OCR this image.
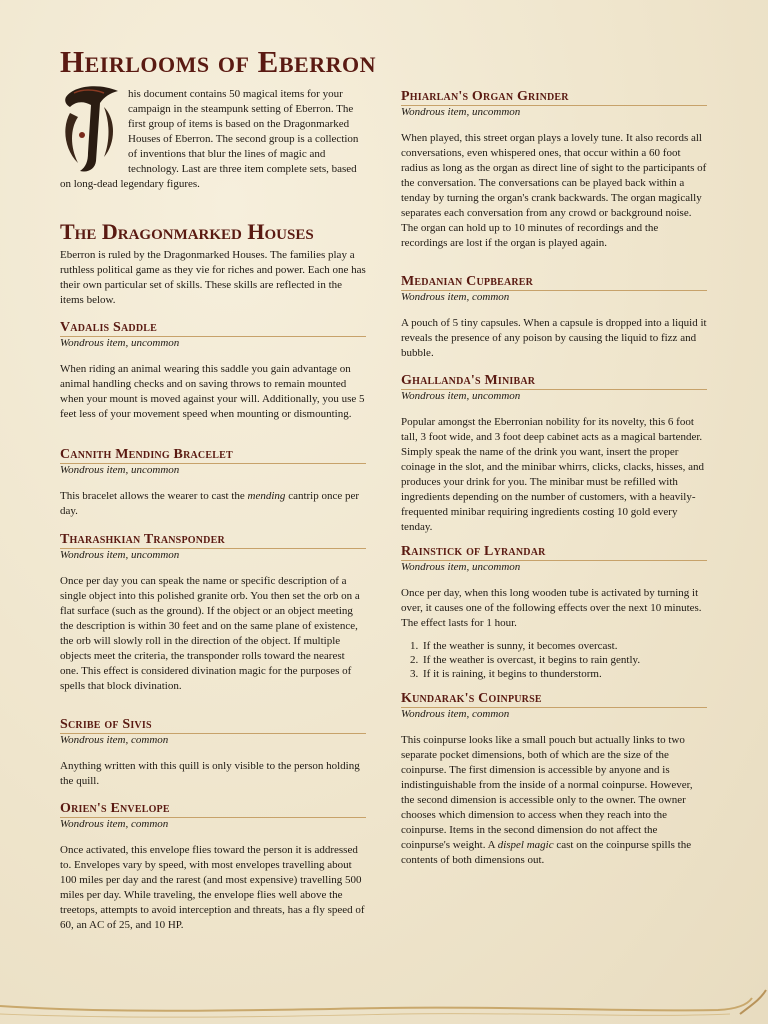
Heirlooms of Eberron

his document contains 50 magical items for your campaign in the steampunk setting of Eberron. The first group of items is based on the Dragonmarked Houses of Eberron. The second group is a collection of inventions that blur the lines of magic and technology. Last are three item complete sets, based on long-dead legendary figures.

The Dragonmarked Houses

Eberron is ruled by the Dragonmarked Houses. The families play a ruthless political game as they vie for riches and power. Each one has their own particular set of skills. These skills are reflected in the items below.

Vadalis Saddle

Wondrous item, uncommon

When riding an animal wearing this saddle you gain advantage on animal handling checks and on saving throws to remain mounted when your mount is moved against your will. Additionally, you use 5 feet less of your movement speed when mounting or dismounting.

Cannith Mending Bracelet

Wondrous item, uncommon

This bracelet allows the wearer to cast the mending cantrip once per day.

Tharashkian Transponder

Wondrous item, uncommon

Once per day you can speak the name or specific description of a single object into this polished granite orb. You then set the orb on a flat surface (such as the ground). If the object or an object meeting the description is within 30 feet and on the same plane of existence, the orb will slowly roll in the direction of the object. If multiple objects meet the criteria, the transponder rolls toward the nearest one. This effect is considered divination magic for the purposes of spells that block divination.

Scribe of Sivis

Wondrous item, common

Anything written with this quill is only visible to the person holding the quill.

Orien's Envelope

Wondrous item, common

Once activated, this envelope flies toward the person it is addressed to. Envelopes vary by speed, with most envelopes travelling about 100 miles per day and the rarest (and most expensive) travelling 500 miles per day. While traveling, the envelope flies well above the treetops, attempts to avoid interception and threats, has a fly speed of 60, an AC of 25, and 10 HP.

Phiarlan's Organ Grinder

Wondrous item, uncommon

When played, this street organ plays a lovely tune. It also records all conversations, even whispered ones, that occur within a 60 foot radius as long as the organ as direct line of sight to the participants of the conversation. The conversations can be played back within a tenday by turning the organ's crank backwards. The organ magically separates each conversation from any crowd or background noise. The organ can hold up to 10 minutes of recordings and the recordings are lost if the organ is played again.

Medanian Cupbearer

Wondrous item, common

A pouch of 5 tiny capsules. When a capsule is dropped into a liquid it reveals the presence of any poison by causing the liquid to fizz and bubble.

Ghallanda's Minibar

Wondrous item, uncommon

Popular amongst the Eberronian nobility for its novelty, this 6 foot tall, 3 foot wide, and 3 foot deep cabinet acts as a magical bartender. Simply speak the name of the drink you want, insert the proper coinage in the slot, and the minibar whirrs, clicks, clacks, hisses, and produces your drink for you. The minibar must be refilled with ingredients depending on the number of customers, with a heavily-frequented minibar requiring ingredients costing 10 gold every tenday.

Rainstick of Lyrandar

Wondrous item, uncommon

Once per day, when this long wooden tube is activated by turning it over, it causes one of the following effects over the next 10 minutes. The effect lasts for 1 hour.

1. If the weather is sunny, it becomes overcast.
2. If the weather is overcast, it begins to rain gently.
3. If it is raining, it begins to thunderstorm.
Kundarak's Coinpurse

Wondrous item, common

This coinpurse looks like a small pouch but actually links to two separate pocket dimensions, both of which are the size of the coinpurse. The first dimension is accessible by anyone and is indistinguishable from the inside of a normal coinpurse. However, the second dimension is accessible only to the owner. The owner chooses which dimension to access when they reach into the coinpurse. Items in the second dimension do not affect the coinpurse's weight. A dispel magic cast on the coinpurse spills the contents of both dimensions out.
